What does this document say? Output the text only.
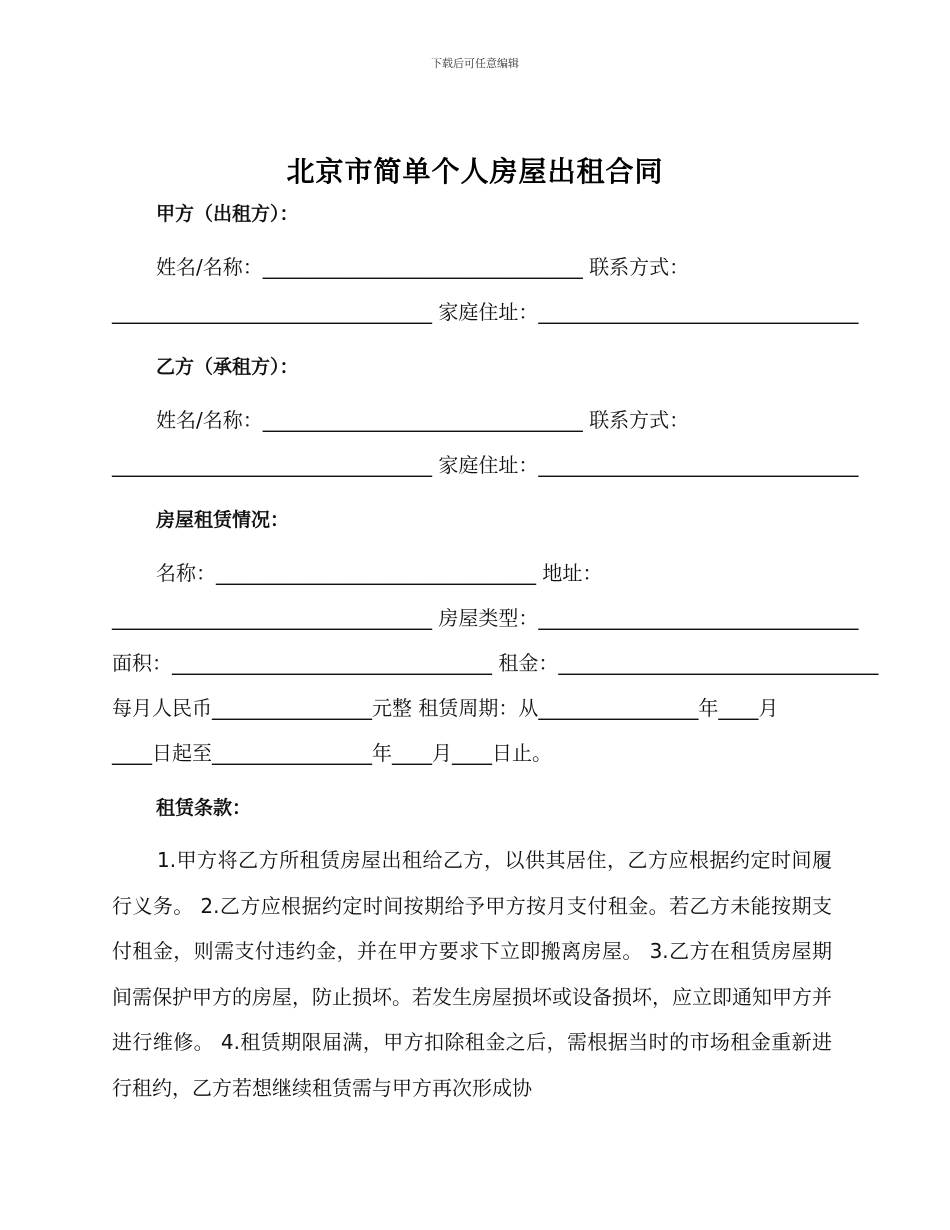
下载后可任意编辑
北京市简单个人房屋出租合同
甲方（出租方）：
姓名/名称：________________________________ 联系方式：
________________________________ 家庭住址：________________________________
乙方（承租方）：
姓名/名称：________________________________ 联系方式：
________________________________ 家庭住址：________________________________
房屋租赁情况：
名称：________________________________ 地址：
________________________________ 房屋类型：________________________________
面积：________________________________ 租金：________________________________
每月人民币________________元整 租赁周期：从________________年____月
____日起至________________年____月____日止。
租赁条款：
1.甲方将乙方所租赁房屋出租给乙方，以供其居住，乙方应根据约定时间履行义务。 2.乙方应根据约定时间按期给予甲方按月支付租金。若乙方未能按期支付租金，则需支付违约金，并在甲方要求下立即搬离房屋。 3.乙方在租赁房屋期间需保护甲方的房屋，防止损坏。若发生房屋损坏或设备损坏，应立即通知甲方并进行维修。 4.租赁期限届满，甲方扣除租金之后，需根据当时的市场租金重新进行租约，乙方若想继续租赁需与甲方再次形成协
